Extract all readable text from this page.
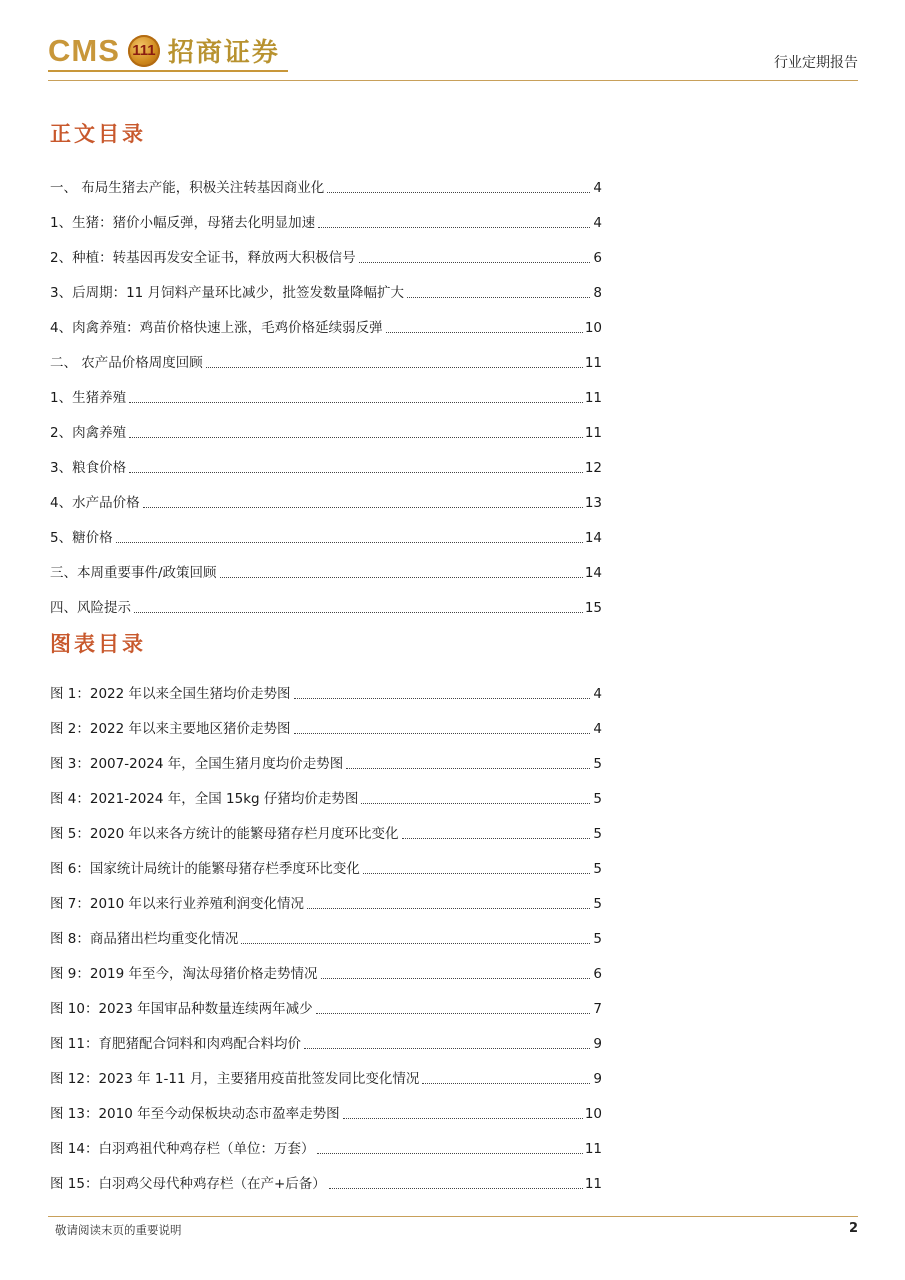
CMS 111 招商证券	行业定期报告
正文目录
一、 布局生猪去产能，积极关注转基因商业化	4
1、生猪：猪价小幅反弹，母猪去化明显加速	4
2、种植：转基因再发安全证书，释放两大积极信号	6
3、后周期：11 月饲料产量环比减少，批签发数量降幅扩大	8
4、肉禽养殖：鸡苗价格快速上涨，毛鸡价格延续弱反弹	10
二、 农产品价格周度回顾	11
1、生猪养殖	11
2、肉禽养殖	11
3、粮食价格	12
4、水产品价格	13
5、糖价格	14
三、本周重要事件/政策回顾	14
四、风险提示	15
图表目录
图 1：2022 年以来全国生猪均价走势图	4
图 2：2022 年以来主要地区猪价走势图	4
图 3：2007-2024 年，全国生猪月度均价走势图	5
图 4：2021-2024 年，全国 15kg 仔猪均价走势图	5
图 5：2020 年以来各方统计的能繁母猪存栏月度环比变化	5
图 6：国家统计局统计的能繁母猪存栏季度环比变化	5
图 7：2010 年以来行业养殖利润变化情况	5
图 8：商品猪出栏均重变化情况	5
图 9：2019 年至今，淘汰母猪价格走势情况	6
图 10：2023 年国审品种数量连续两年减少	7
图 11：育肥猪配合饲料和肉鸡配合料均价	9
图 12：2023 年 1-11 月，主要猪用疫苗批签发同比变化情况	9
图 13：2010 年至今动保板块动态市盈率走势图	10
图 14：白羽鸡祖代种鸡存栏（单位：万套）	11
图 15：白羽鸡父母代种鸡存栏（在产+后备）	11
敬请阅读末页的重要说明	2
